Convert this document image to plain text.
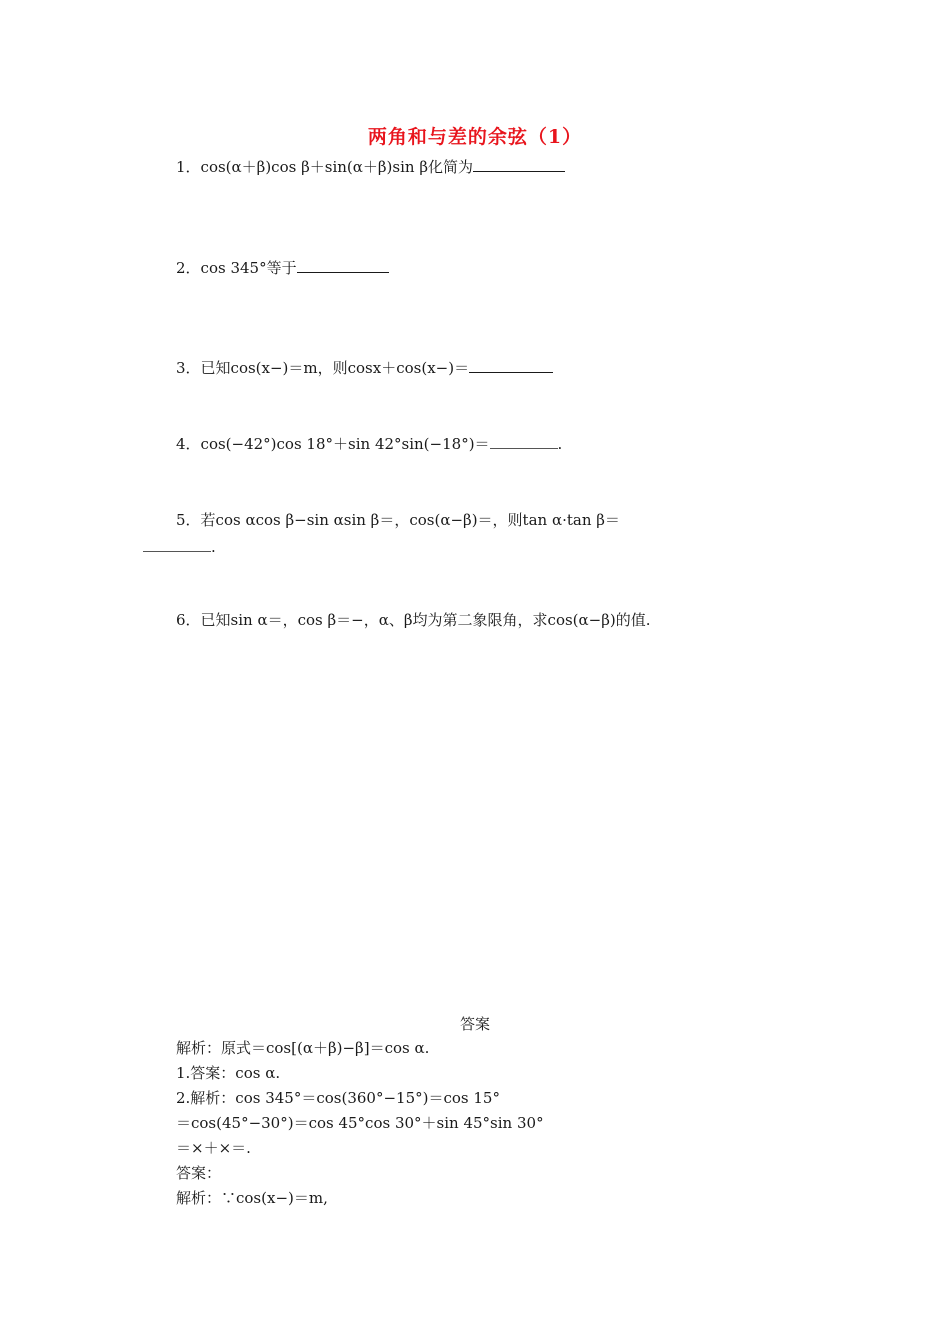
两角和与差的余弦（1）
1．cos(α＋β)cos β＋sin(α＋β)sin β化简为
2．cos 345°等于
3．已知cos(x−)＝m，则cosx＋cos(x−)＝
4．cos(−42°)cos 18°＋sin 42°sin(−18°)＝	.
5．若cos αcos β−sin αsin β＝，cos(α−β)＝，则tan α·tan β＝
.
6．已知sin α＝，cos β＝−，α、β均为第二象限角，求cos(α−β)的值.
答案
解析：原式＝cos[(α＋β)−β]＝cos α.
1.答案：cos α.
2.解析：cos 345°＝cos(360°−15°)＝cos 15°
＝cos(45°−30°)＝cos 45°cos 30°＋sin 45°sin 30°
＝×＋×＝.
答案：
解析：∵cos(x−)＝m,
